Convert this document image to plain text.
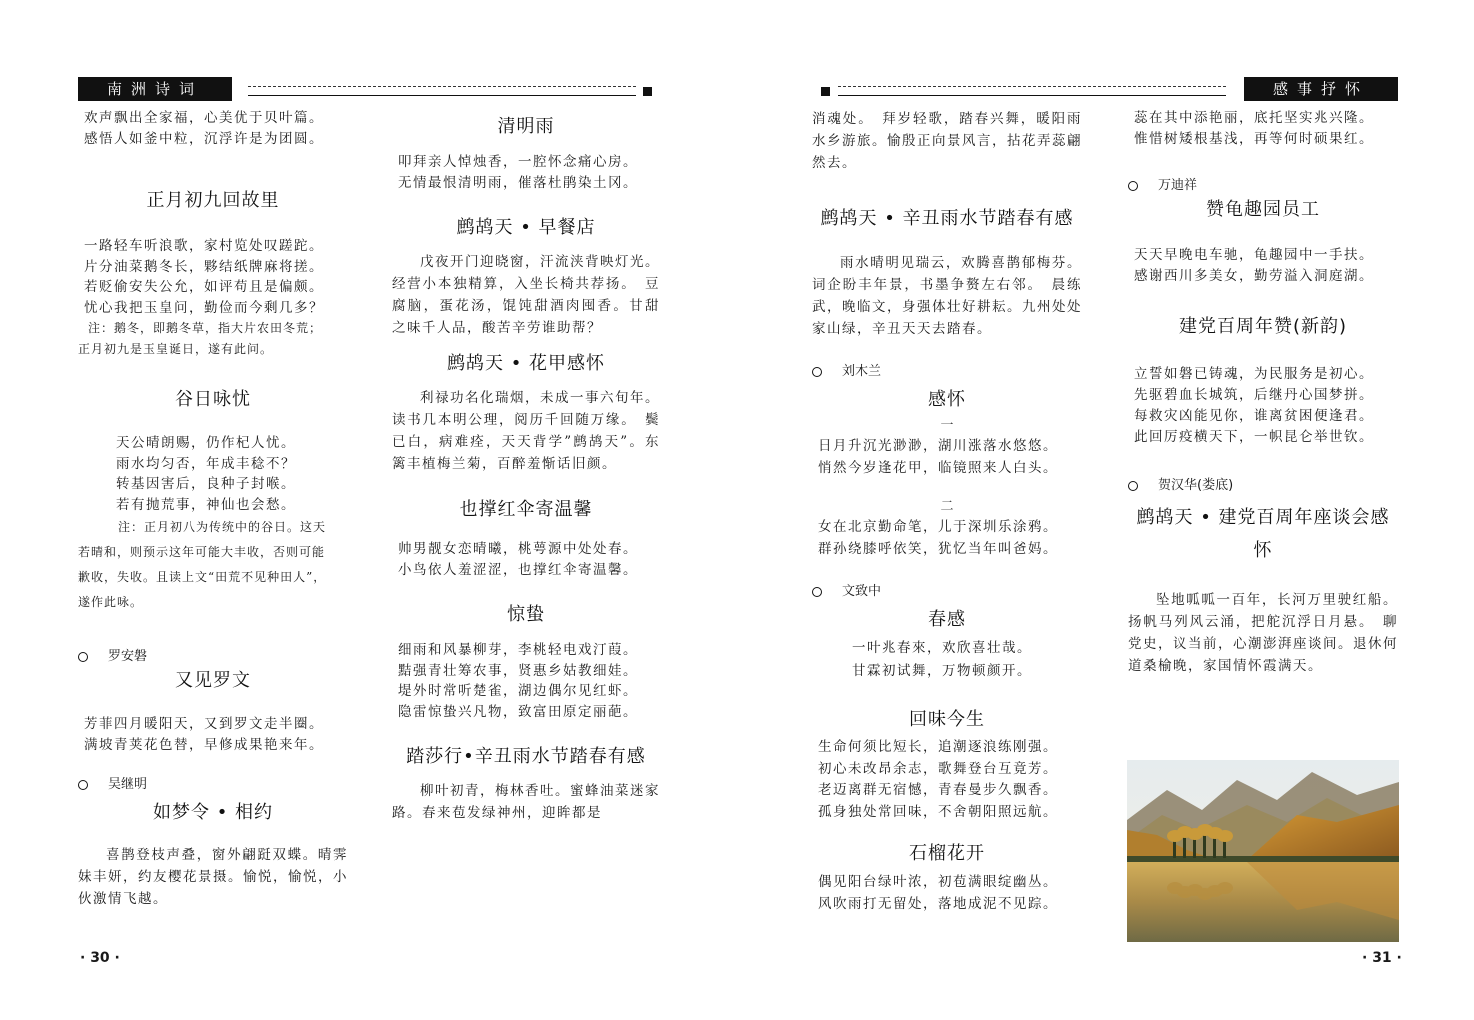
南洲诗词	感事抒怀

欢声飘出全家福，心美优于贝叶篇。

感悟人如釜中粒，沉浮许是为团圆。

正月初九回故里

一路轻车听浪歌，家村览处叹蹉跎。

片分油菜鹅冬长，夥结纸牌麻将搓。

若贬偷安失公允，如评苟且是偏颇。

忧心我把玉皇问，勤俭而今剩几多？

注：鹅冬，即鹅冬草，指大片农田冬荒；

正月初九是玉皇诞日，遂有此问。

谷日咏忧

天公晴朗赐，仍作杞人忧。

雨水均匀否，年成丰稔不？

转基因害后，良种子封喉。

若有抛荒事，神仙也会愁。

注：正月初八为传统中的谷日。这天

若晴和，则预示这年可能大丰收，否则可能

歉收，失收。且读上文“田荒不见种田人”，

遂作此咏。

罗安磐

又见罗文

芳菲四月暖阳天，又到罗文走半圈。

满坡青荚花色替，早修成果艳来年。

吴继明

如梦令 • 相约

喜鹊登枝声叠，窗外翩跹双蝶。晴霁妹丰妍，约友樱花景摄。愉悦，愉悦，小伙激情飞越。

清明雨

叩拜亲人悼烛香，一腔怀念痛心房。

无情最恨清明雨，催落杜鹃染土冈。

鹧鸪天 • 早餐店

戊夜开门迎晓窗，汗流浃背映灯光。经营小本独精算，入坐长椅共荐扬。　豆腐脑，蛋花汤，馄饨甜酒肉囤香。甘甜之味千人品，酸苦辛劳谁助帮？

鹧鸪天 • 花甲感怀

利禄功名化瑞烟，未成一事六旬年。读书几本明公理，阅历千回随万缘。　鬓已白，病难痊，天天背学”鹧鸪天”。东篱丰植梅兰菊，百醉羞惭话旧颜。

也撑红伞寄温馨

帅男靓女恋晴曦，桃萼源中处处春。

小鸟依人羞涩涩，也撑红伞寄温馨。

惊蛰

细雨和风暴柳芽，李桃轻电戏汀葭。

黠强青壮筹农事，贤惠乡姑教细娃。

堤外时常听楚雀，湖边偶尔见红虾。

隐雷惊蛰兴凡物，致富田原定丽葩。

踏莎行•辛丑雨水节踏春有感

柳叶初青，梅林香吐。蜜蜂油菜迷家路。春来苞发绿神州，迎眸都是

消魂处。　拜岁轻歌，踏春兴舞，暖阳雨水乡游旅。愉殷正向景风言，拈花弄蕊翩然去。

鹧鸪天 • 辛丑雨水节踏春有感

雨水晴明见瑞云，欢腾喜鹊郁梅芬。词企盼丰年景，书墨争赘左右邻。　晨练武，晚临文，身强体壮好耕耘。九州处处家山绿，辛丑天天去踏春。

刘木兰

感怀

一

日月升沉光渺渺，湖川涨落水悠悠。

悄然今岁逢花甲，临镜照来人白头。

二

女在北京勤命笔，儿于深圳乐涂鸦。

群孙绕膝呼依笑，犹忆当年叫爸妈。

文致中

春感

一叶兆春來，欢欣喜壮哉。

甘霖初试舞，万物顿颜开。

回味今生

生命何须比短长，追潮逐浪练刚强。

初心未改昂余志，歌舞登台互竟芳。

老迈离群无宿憾，青春曼步久飘香。

孤身独处常回味，不舍朝阳照远航。

石榴花开

偶见阳台绿叶浓，初苞满眼绽幽丛。

风吹雨打无留处，落地成泥不见踪。

蕊在其中添艳丽，底托坚实兆兴隆。

惟惜树矮根基浅，再等何时硕果红。

万迪祥

赞龟趣园员工

天天早晚电车驰，龟趣园中一手扶。

感谢西川多美女，勤劳溢入洞庭湖。

建党百周年赞(新韵)

立誓如磐已铸魂，为民服务是初心。

先驱碧血长城筑，后继丹心国梦拼。

每救灾凶能见你，谁离贫困便逢君。

此回厉疫横天下，一帜昆仑举世钦。

贺汉华(娄底)

鹧鸪天 • 建党百周年座谈会感怀

坠地呱呱一百年，长河万里驶红船。扬帆马列风云涌，把舵沉浮日月悬。　聊党史，议当前，心潮澎湃座谈间。退休何道桑榆晚，家国情怀霞满天。

· 30 ·	· 31 ·
